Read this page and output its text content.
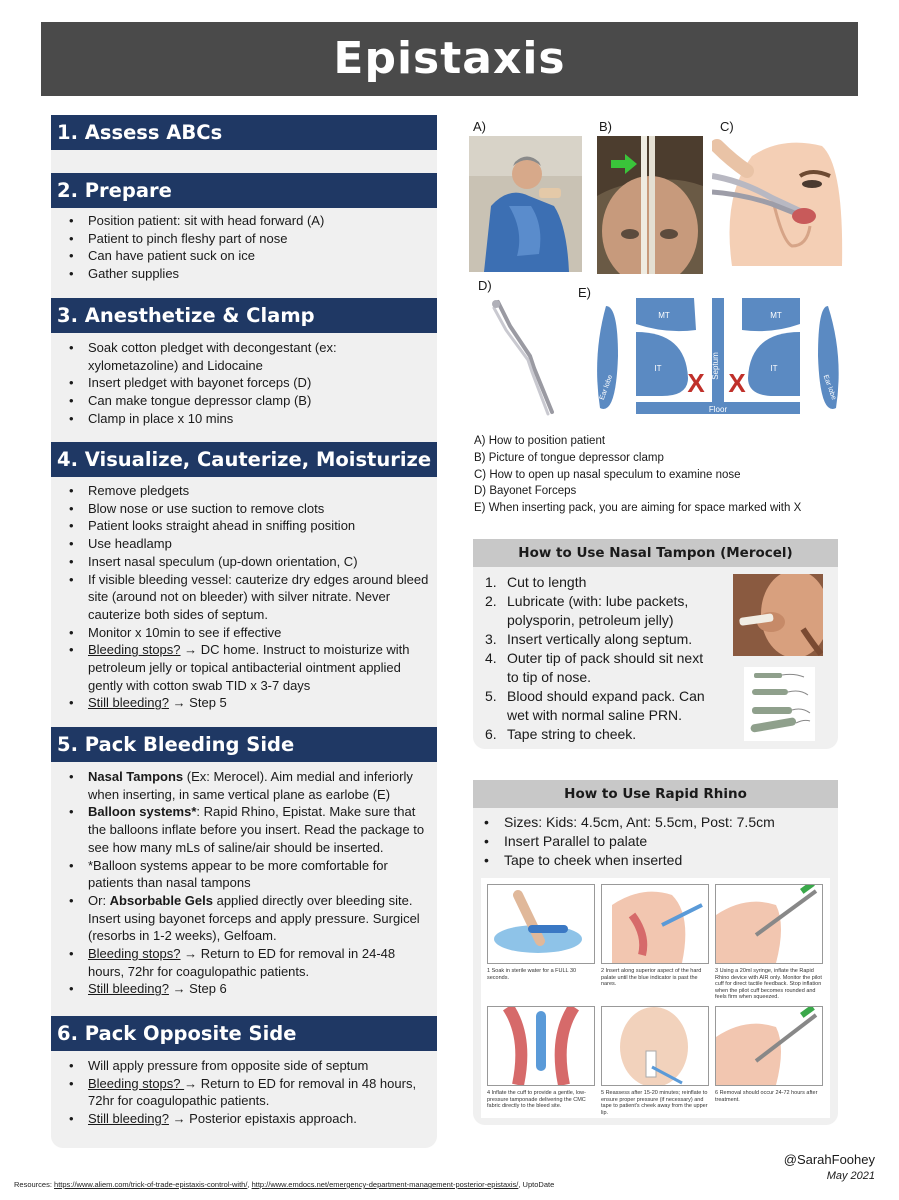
Epistaxis
1. Assess ABCs
2. Prepare
• Position patient: sit with head forward (A)
• Patient to pinch fleshy part of nose
• Can have patient suck on ice
• Gather supplies
3. Anesthetize & Clamp
• Soak cotton pledget with decongestant (ex: xylometazoline) and Lidocaine
• Insert pledget with bayonet forceps (D)
• Can make tongue depressor clamp (B)
• Clamp in place x 10 mins
4. Visualize, Cauterize, Moisturize
• Remove pledgets
• Blow nose or use suction to remove clots
• Patient looks straight ahead in sniffing position
• Use headlamp
• Insert nasal speculum (up-down orientation, C)
• If visible bleeding vessel: cauterize dry edges around bleed site (around not on bleeder) with silver nitrate. Never cauterize both sides of septum.
• Monitor x 10min to see if effective
• Bleeding stops? → DC home. Instruct to moisturize with petroleum jelly or topical antibacterial ointment applied gently with cotton swab TID x 3-7 days
• Still bleeding? → Step 5
5. Pack Bleeding Side
• Nasal Tampons (Ex: Merocel). Aim medial and inferiorly when inserting, in same vertical plane as earlobe (E)
• Balloon systems*: Rapid Rhino, Epistat. Make sure that the balloons inflate before you insert. Read the package to see how many mLs of saline/air should be inserted.
• *Balloon systems appear to be more comfortable for patients than nasal tampons
• Or: Absorbable Gels applied directly over bleeding site. Insert using bayonet forceps and apply pressure. Surgicel (resorbs in 1-2 weeks), Gelfoam.
• Bleeding stops? → Return to ED for removal in 24-48 hours, 72hr for coagulopathic patients.
• Still bleeding? → Step 6
6. Pack Opposite Side
• Will apply pressure from opposite side of septum
• Bleeding stops? → Return to ED for removal in 48 hours, 72hr for coagulopathic patients.
• Still bleeding? → Posterior epistaxis approach.
A)	B)	C)
D)	E)
MT	MT
IT	IT
Septum
Floor
Ear lobe	Ear lobe
X X
A) How to position patient
B) Picture of tongue depressor clamp
C) How to open up nasal speculum to examine nose
D) Bayonet Forceps
E) When inserting pack, you are aiming for space marked with X
How to Use Nasal Tampon (Merocel)
1. Cut to length
2. Lubricate (with: lube packets, polysporin, petroleum jelly)
3. Insert vertically along septum.
4. Outer tip of pack should sit next to tip of nose.
5. Blood should expand pack. Can wet with normal saline PRN.
6. Tape string to cheek.
How to Use Rapid Rhino
• Sizes: Kids: 4.5cm, Ant: 5.5cm, Post: 7.5cm
• Insert Parallel to palate
• Tape to cheek when inserted
1 Soak in sterile water for a FULL 30 seconds.
2 Insert along superior aspect of the hard palate until the blue indicator is past the nares.
3 Using a 20ml syringe, inflate the Rapid Rhino device with AIR only. Monitor the pilot cuff for direct tactile feedback. Stop inflation when the pilot cuff becomes rounded and feels firm when squeezed.
4 Inflate the cuff to provide a gentle, low-pressure tamponade delivering the CMC fabric directly to the bleed site.
5 Reassess after 15-20 minutes; reinflate to ensure proper pressure (if necessary) and tape to patient's cheek away from the upper lip.
6 Removal should occur 24-72 hours after treatment.
@SarahFoohey
May 2021
Resources: https://www.aliem.com/trick-of-trade-epistaxis-control-with/, http://www.emdocs.net/emergency-department-management-posterior-epistaxis/, UptoDate
